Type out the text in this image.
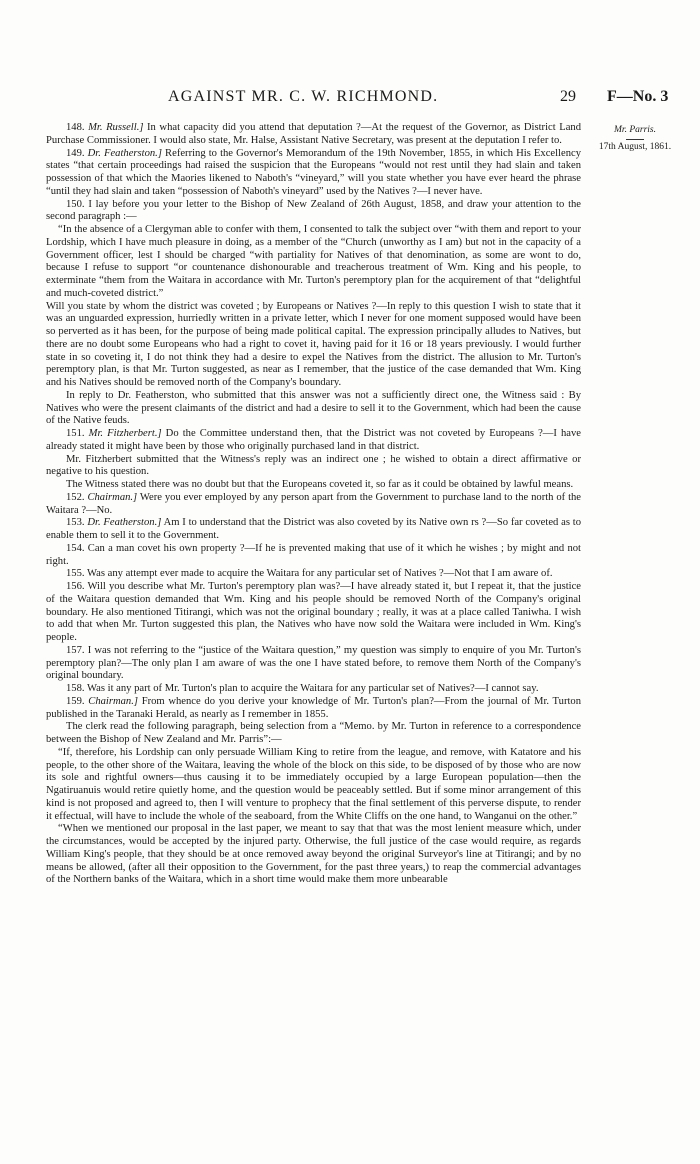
AGAINST MR. C. W. RICHMOND.	29 F—No. 3
Mr. Parris.
17th August, 1861.

148. Mr. Russell.] In what capacity did you attend that deputation ?—At the request of the Governor, as District Land Purchase Commissioner. I would also state, Mr. Halse, Assistant Native Secretary, was present at the deputation I refer to.

149. Dr. Featherston.] Referring to the Governor's Memorandum of the 19th November, 1855, in which His Excellency states “that certain proceedings had raised the suspicion that the Europeans “would not rest until they had slain and taken possession of that which the Maories likened to Naboth's “vineyard,” will you state whether you have ever heard the phrase “until they had slain and taken “possession of Naboth's vineyard” used by the Natives ?—I never have.

150. I lay before you your letter to the Bishop of New Zealand of 26th August, 1858, and draw your attention to the second paragraph :—

“In the absence of a Clergyman able to confer with them, I consented to talk the subject over “with them and report to your Lordship, which I have much pleasure in doing, as a member of the “Church (unworthy as I am) but not in the capacity of a Government officer, lest I should be charged “with partiality for Natives of that denomination, as some are wont to do, because I refuse to support “or countenance dishonourable and treacherous treatment of Wm. King and his people, to exterminate “them from the Waitara in accordance with Mr. Turton's peremptory plan for the acquirement of that “delightful and much-coveted district.”

Will you state by whom the district was coveted ; by Europeans or Natives ?—In reply to this question I wish to state that it was an unguarded expression, hurriedly written in a private letter, which I never for one moment supposed would have been so perverted as it has been, for the purpose of being made political capital. The expression principally alludes to Natives, but there are no doubt some Europeans who had a right to covet it, having paid for it 16 or 18 years previously. I would further state in so coveting it, I do not think they had a desire to expel the Natives from the district. The allusion to Mr. Turton's peremptory plan, is that Mr. Turton suggested, as near as I remember, that the justice of the case demanded that Wm. King and his Natives should be removed north of the Company's boundary.

In reply to Dr. Featherston, who submitted that this answer was not a sufficiently direct one, the Witness said : By Natives who were the present claimants of the district and had a desire to sell it to the Government, which had been the cause of the Native feuds.

151. Mr. Fitzherbert.] Do the Committee understand then, that the District was not coveted by Europeans ?—I have already stated it might have been by those who originally purchased land in that district.

Mr. Fitzherbert submitted that the Witness's reply was an indirect one ; he wished to obtain a direct affirmative or negative to his question.

The Witness stated there was no doubt but that the Europeans coveted it, so far as it could be obtained by lawful means.

152. Chairman.] Were you ever employed by any person apart from the Government to purchase land to the north of the Waitara ?—No.

153. Dr. Featherston.] Am I to understand that the District was also coveted by its Native own rs ?—So far coveted as to enable them to sell it to the Government.

154. Can a man covet his own property ?—If he is prevented making that use of it which he wishes ; by might and not right.

155. Was any attempt ever made to acquire the Waitara for any particular set of Natives ?—Not that I am aware of.

156. Will you describe what Mr. Turton's peremptory plan was?—I have already stated it, but I repeat it, that the justice of the Waitara question demanded that Wm. King and his people should be removed North of the Company's original boundary. He also mentioned Titirangi, which was not the original boundary ; really, it was at a place called Taniwha. I wish to add that when Mr. Turton suggested this plan, the Natives who have now sold the Waitara were included in Wm. King's people.

157. I was not referring to the “justice of the Waitara question,” my question was simply to enquire of you Mr. Turton's peremptory plan?—The only plan I am aware of was the one I have stated before, to remove them North of the Company's original boundary.

158. Was it any part of Mr. Turton's plan to acquire the Waitara for any particular set of Natives?—I cannot say.

159. Chairman.] From whence do you derive your knowledge of Mr. Turton's plan?—From the journal of Mr. Turton published in the Taranaki Herald, as nearly as I remember in 1855.

The clerk read the following paragraph, being selection from a “Memo. by Mr. Turton in reference to a correspondence between the Bishop of New Zealand and Mr. Parris”:—

“If, therefore, his Lordship can only persuade William King to retire from the league, and remove, with Katatore and his people, to the other shore of the Waitara, leaving the whole of the block on this side, to be disposed of by those who are now its sole and rightful owners—thus causing it to be immediately occupied by a large European population—then the Ngatiruanuis would retire quietly home, and the question would be peaceably settled. But if some minor arrangement of this kind is not proposed and agreed to, then I will venture to prophecy that the final settlement of this perverse dispute, to render it effectual, will have to include the whole of the seaboard, from the White Cliffs on the one hand, to Wanganui on the other.”

“When we mentioned our proposal in the last paper, we meant to say that that was the most lenient measure which, under the circumstances, would be accepted by the injured party. Otherwise, the full justice of the case would require, as regards William King's people, that they should be at once removed away beyond the original Surveyor's line at Titirangi; and by no means be allowed, (after all their opposition to the Government, for the past three years,) to reap the commercial advantages of the Northern banks of the Waitara, which in a short time would make them more unbearable
